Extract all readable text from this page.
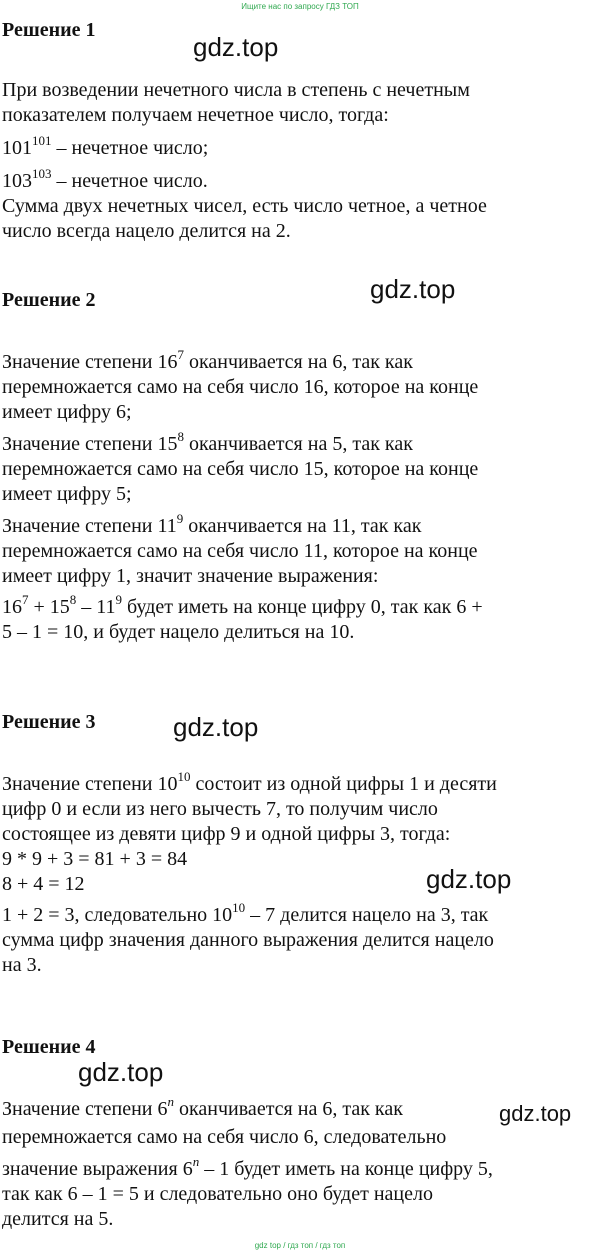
Ищите нас по запросу ГДЗ ТОП
Решение 1
gdz.top
При возведении нечетного числа в степень с нечетным
показателем получаем нечетное число, тогда:
$101^{101}$ – нечетное число;
$103^{103}$ – нечетное число.
Сумма двух нечетных чисел, есть число четное, а четное
число всегда нацело делится на 2.
Решение 2	gdz.top
Значение степени $16^7$ оканчивается на 6, так как
перемножается само на себя число 16, которое на конце
имеет цифру 6;
Значение степени $15^8$ оканчивается на 5, так как
перемножается само на себя число 15, которое на конце
имеет цифру 5;
Значение степени $11^9$ оканчивается на 11, так как
перемножается само на себя число 11, которое на конце
имеет цифру 1, значит значение выражения:
$16^7 + 15^8 - 11^9$ будет иметь на конце цифру 0, так как 6 +
5 – 1 = 10, и будет нацело делиться на 10.
Решение 3	gdz.top
Значение степени $10^{10}$ состоит из одной цифры 1 и десяти
цифр 0 и если из него вычесть 7, то получим число
состоящее из девяти цифр 9 и одной цифры 3, тогда:
9 * 9 + 3 = 81 + 3 = 84
8 + 4 = 12
1 + 2 = 3, следовательно $10^{10} - 7$ делится нацело на 3, так
сумма цифр значения данного выражения делится нацело
на 3.
gdz.top
Решение 4
gdz.top
gdz.top
Значение степени 6$^n$ оканчивается на 6, так как
перемножается само на себя число 6, следовательно
значение выражения 6$^n$ – 1 будет иметь на конце цифру 5,
так как 6 – 1 = 5 и следовательно оно будет нацело
делится на 5.
gdz top / гдз топ / гдз топ
